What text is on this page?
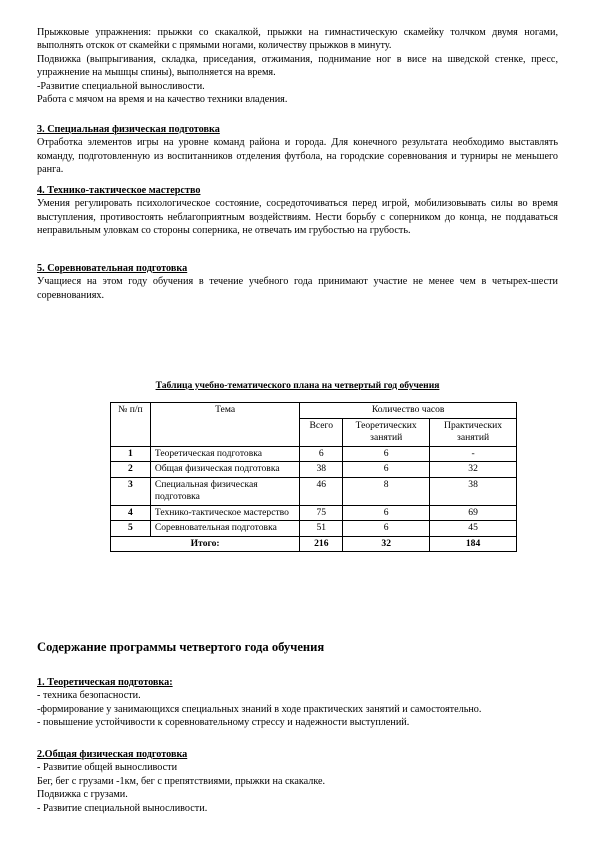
Прыжковые упражнения: прыжки со скакалкой, прыжки на гимнастическую скамейку толчком двумя ногами, выполнять отскок от скамейки с прямыми ногами, количеству прыжков в минуту.
Подвижка (выпрыгивания, складка, приседания, отжимания, поднимание ног в висе на шведской стенке, пресс, упражнение на мышцы спины), выполняется на время.
-Развитие специальной выносливости.
Работа с мячом на время и на качество техники владения.
3. Специальная физическая подготовка
Отработка элементов игры на уровне команд района и города. Для конечного результата необходимо выставлять команду, подготовленную из воспитанников отделения футбола, на городские соревнования и турниры не меньшего ранга.
4. Технико-тактическое мастерство
Умения регулировать психологическое состояние, сосредоточиваться перед игрой, мобилизовывать силы во время выступления, противостоять неблагоприятным воздействиям. Нести борьбу с соперником до конца, не поддаваться неправильным уловкам со стороны соперника, не отвечать им грубостью на грубость.
5. Соревновательная подготовка
Учащиеся на этом году обучения в течение учебного года принимают участие не менее чем в четырех-шести соревнованиях.
Таблица учебно-тематического плана на четвертый год обучения
№ п/п	Тема	Количество часов		
		Всего	Теоретических занятий	Практических занятий
1	Теоретическая подготовка	6	6	-
2	Общая физическая подготовка	38	6	32
3	Специальная физическая подготовка	46	8	38
4	Технико-тактическое мастерство	75	6	69
5	Соревновательная подготовка	51	6	45
Итого:		216	32	184
Содержание программы четвертого года обучения
1. Теоретическая подготовка:
- техника безопасности.
-формирование у занимающихся специальных знаний в ходе практических занятий и самостоятельно.
- повышение устойчивости к соревновательному стрессу и надежности выступлений.
2.Общая физическая подготовка
- Развитие общей выносливости
Бег, бег с грузами -1км, бег с препятствиями, прыжки на скакалке.
Подвижка с грузами.
- Развитие специальной выносливости.
